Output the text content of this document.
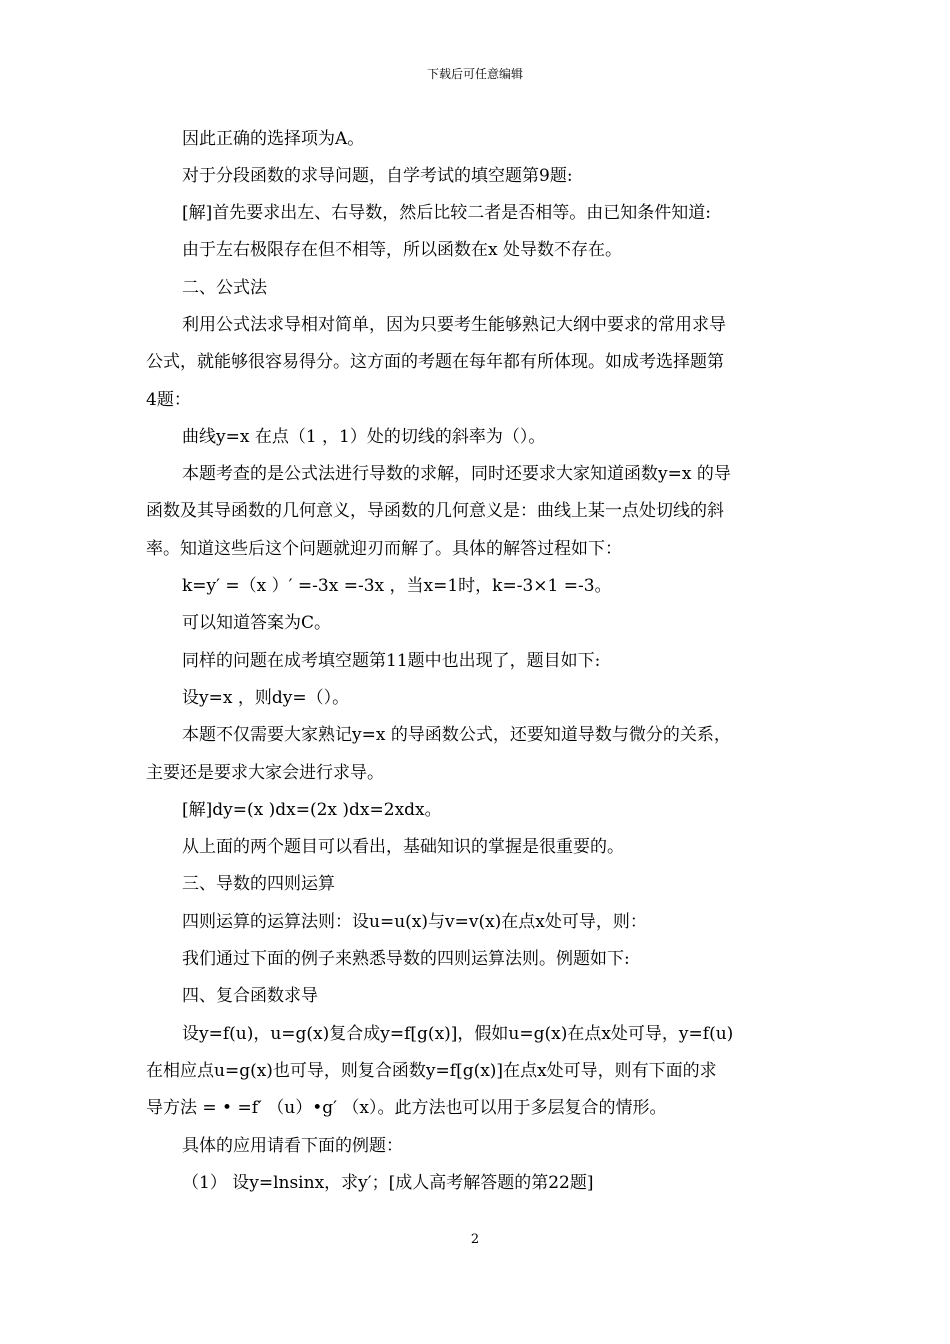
下载后可任意编辑
因此正确的选择项为A。
对于分段函数的求导问题，自学考试的填空题第9题:
[解]首先要求出左、右导数，然后比较二者是否相等。由已知条件知道:
由于左右极限存在但不相等，所以函数在x 处导数不存在。
二、公式法
利用公式法求导相对简单，因为只要考生能够熟记大纲中要求的常用求导
公式，就能够很容易得分。这方面的考题在每年都有所体现。如成考选择题第
4题：
曲线y=x 在点（1 ，1）处的切线的斜率为（）。
本题考查的是公式法进行导数的求解，同时还要求大家知道函数y=x 的导
函数及其导函数的几何意义，导函数的几何意义是：曲线上某一点处切线的斜
率。知道这些后这个问题就迎刃而解了。具体的解答过程如下：
k=y′ =（x ）′ =-3x =-3x ，当x=1时，k=-3×1 =-3。
可以知道答案为C。
同样的问题在成考填空题第11题中也出现了，题目如下:
设y=x ，则dy=（）。
本题不仅需要大家熟记y=x 的导函数公式，还要知道导数与微分的关系，
主要还是要求大家会进行求导。
[解]dy=(x )dx=(2x )dx=2xdx。
从上面的两个题目可以看出，基础知识的掌握是很重要的。
三、导数的四则运算
四则运算的运算法则：设u=u(x)与v=v(x)在点x处可导，则：
我们通过下面的例子来熟悉导数的四则运算法则。例题如下:
四、复合函数求导
设y=f(u)，u=g(x)复合成y=f[g(x)]，假如u=g(x)在点x处可导，y=f(u)
在相应点u=g(x)也可导，则复合函数y=f[g(x)]在点x处可导，则有下面的求
导方法 = • =f′ （u）•g′ （x）。此方法也可以用于多层复合的情形。
具体的应用请看下面的例题：
（1） 设y=lnsinx，求y′；[成人高考解答题的第22题]
2
